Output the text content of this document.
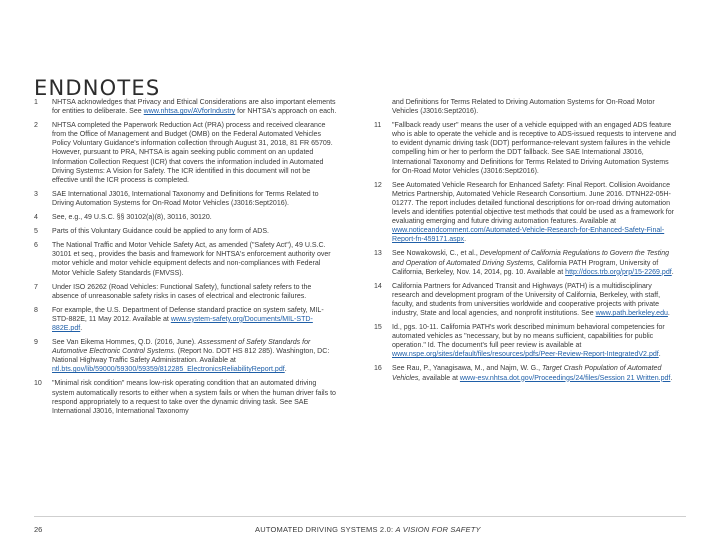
ENDNOTES
1 NHTSA acknowledges that Privacy and Ethical Considerations are also important elements for entities to deliberate. See www.nhtsa.gov/AVforIndustry for NHTSA's approach on each.
2 NHTSA completed the Paperwork Reduction Act (PRA) process and received clearance from the Office of Management and Budget (OMB) on the Federal Automated Vehicles Policy Voluntary Guidance's information collection through August 31, 2018, 81 FR 65709. However, pursuant to PRA, NHTSA is again seeking public comment on an updated Information Collection Request (ICR) that covers the information included in Automated Driving Systems: A Vision for Safety. The ICR identified in this document will not be effective until the ICR process is completed.
3 SAE International J3016, International Taxonomy and Definitions for Terms Related to Driving Automation Systems for On-Road Motor Vehicles (J3016:Sept2016).
4 See, e.g., 49 U.S.C. §§ 30102(a)(8), 30116, 30120.
5 Parts of this Voluntary Guidance could be applied to any form of ADS.
6 The National Traffic and Motor Vehicle Safety Act, as amended ("Safety Act"), 49 U.S.C. 30101 et seq., provides the basis and framework for NHTSA's enforcement authority over motor vehicle and motor vehicle equipment defects and non-compliances with Federal Motor Vehicle Safety Standards (FMVSS).
7 Under ISO 26262 (Road Vehicles: Functional Safety), functional safety refers to the absence of unreasonable safety risks in cases of electrical and electronic failures.
8 For example, the U.S. Department of Defense standard practice on system safety, MIL-STD-882E, 11 May 2012. Available at www.system-safety.org/Documents/MIL-STD-882E.pdf.
9 See Van Eikema Hommes, Q.D. (2016, June). Assessment of Safety Standards for Automotive Electronic Control Systems. (Report No. DOT HS 812 285). Washington, DC: National Highway Traffic Safety Administration. Available at ntl.bts.gov/lib/59000/59300/59359/812285_ElectronicsReliabilityReport.pdf.
10 "Minimal risk condition" means low-risk operating condition that an automated driving system automatically resorts to either when a system fails or when the human driver fails to respond appropriately to a request to take over the dynamic driving task. See SAE International J3016, International Taxonomy
and Definitions for Terms Related to Driving Automation Systems for On-Road Motor Vehicles (J3016:Sept2016).
11 "Fallback ready user" means the user of a vehicle equipped with an engaged ADS feature who is able to operate the vehicle and is receptive to ADS-issued requests to intervene and to evident dynamic driving task (DDT) performance-relevant system failures in the vehicle compelling him or her to perform the DDT fallback. See SAE International J3016, International Taxonomy and Definitions for Terms Related to Driving Automation Systems for On-Road Motor Vehicles (J3016:Sept2016).
12 See Automated Vehicle Research for Enhanced Safety: Final Report. Collision Avoidance Metrics Partnership, Automated Vehicle Research Consortium. June 2016. DTNH22-05H-01277. The report includes detailed functional descriptions for on-road driving automation levels and identifies potential objective test methods that could be used as a framework for evaluating emerging and future driving automation features. Available at www.noticeandcomment.com/Automated-Vehicle-Research-for-Enhanced-Safety-Final-Report-fn-459171.aspx.
13 See Nowakowski, C., et al., Development of California Regulations to Govern the Testing and Operation of Automated Driving Systems, California PATH Program, University of California, Berkeley, Nov. 14, 2014, pg. 10. Available at http://docs.trb.org/prp/15-2269.pdf.
14 California Partners for Advanced Transit and Highways (PATH) is a multidisciplinary research and development program of the University of California, Berkeley, with staff, faculty, and students from universities worldwide and cooperative projects with private industry, State and local agencies, and nonprofit institutions. See www.path.berkeley.edu.
15 Id., pgs. 10-11. California PATH's work described minimum behavioral competencies for automated vehicles as "necessary, but by no means sufficient, capabilities for public operation." Id. The document's full peer review is available at www.nspe.org/sites/default/files/resources/pdfs/Peer-Review-Report-IntegratedV2.pdf.
16 See Rau, P., Yanagisawa, M., and Najm, W. G., Target Crash Population of Automated Vehicles, available at www-esv.nhtsa.dot.gov/Proceedings/24/files/Session 21 Written.pdf.
26	AUTOMATED DRIVING SYSTEMS 2.0: A VISION FOR SAFETY
